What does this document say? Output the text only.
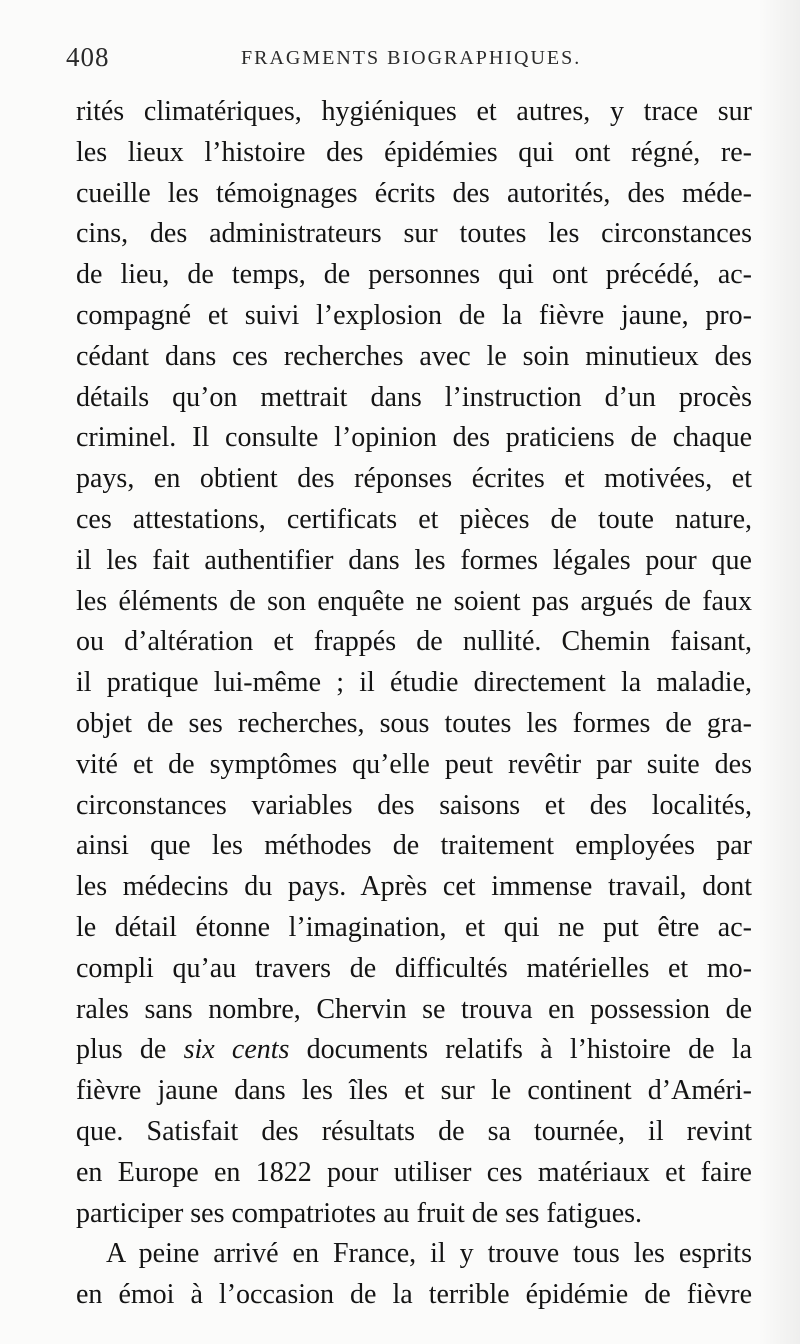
408	FRAGMENTS BIOGRAPHIQUES.
rités climatériques, hygiéniques et autres, y trace sur
les lieux l’histoire des épidémies qui ont régné, re-
cueille les témoignages écrits des autorités, des méde-
cins, des administrateurs sur toutes les circonstances
de lieu, de temps, de personnes qui ont précédé, ac-
compagné et suivi l’explosion de la fièvre jaune, pro-
cédant dans ces recherches avec le soin minutieux des
détails qu’on mettrait dans l’instruction d’un procès
criminel. Il consulte l’opinion des praticiens de chaque
pays, en obtient des réponses écrites et motivées, et
ces attestations, certificats et pièces de toute nature,
il les fait authentifier dans les formes légales pour que
les éléments de son enquête ne soient pas argués de faux
ou d’altération et frappés de nullité. Chemin faisant,
il pratique lui-même ; il étudie directement la maladie,
objet de ses recherches, sous toutes les formes de gra-
vité et de symptômes qu’elle peut revêtir par suite des
circonstances variables des saisons et des localités,
ainsi que les méthodes de traitement employées par
les médecins du pays. Après cet immense travail, dont
le détail étonne l’imagination, et qui ne put être ac-
compli qu’au travers de difficultés matérielles et mo-
rales sans nombre, Chervin se trouva en possession de
plus de six cents documents relatifs à l’histoire de la
fièvre jaune dans les îles et sur le continent d’Améri-
que. Satisfait des résultats de sa tournée, il revint
en Europe en 1822 pour utiliser ces matériaux et faire
participer ses compatriotes au fruit de ses fatigues.
A peine arrivé en France, il y trouve tous les esprits
en émoi à l’occasion de la terrible épidémie de fièvre
